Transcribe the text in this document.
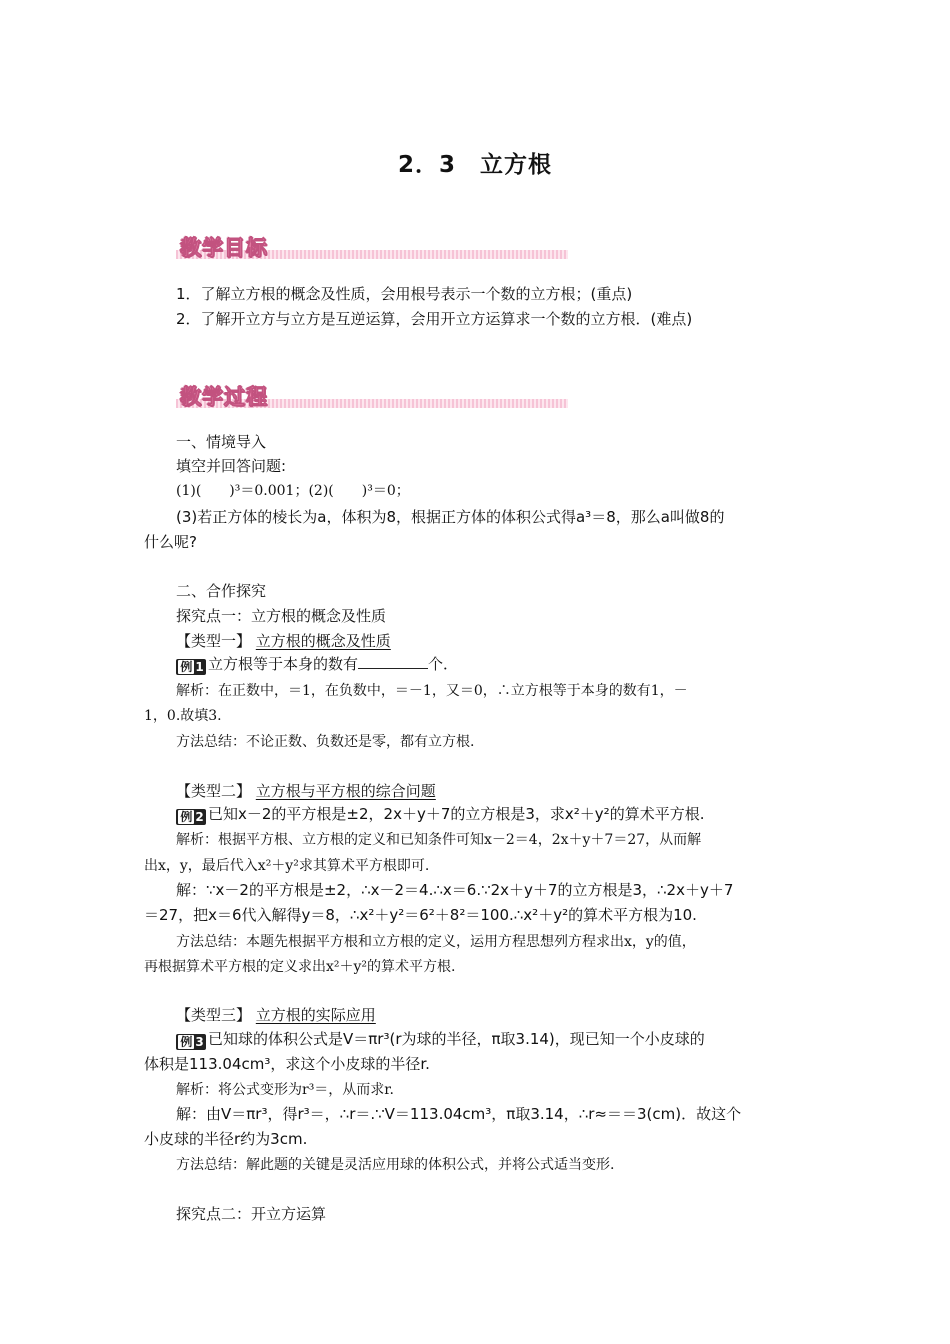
2．3　立方根
教学目标
1．了解立方根的概念及性质，会用根号表示一个数的立方根；(重点)
2．了解开立方与立方是互逆运算，会用开立方运算求一个数的立方根．(难点)
教学过程
一、情境导入
填空并回答问题:
(1)(　　)³＝0.001；(2)(　　)³＝0；
(3)若正方体的棱长为a，体积为8，根据正方体的体积公式得a³＝8，那么a叫做8的
什么呢?
二、合作探究
探究点一：立方根的概念及性质
【类型一】 立方根的概念及性质
例 1 立方根等于本身的数有	个．
解析：在正数中，＝1，在负数中，＝－1，又＝0，∴立方根等于本身的数有1，－
1，0.故填3.
方法总结：不论正数、负数还是零，都有立方根.
【类型二】 立方根与平方根的综合问题
例 2 已知x－2的平方根是±2，2x＋y＋7的立方根是3，求x²＋y²的算术平方根.
解析：根据平方根、立方根的定义和已知条件可知x－2＝4，2x＋y＋7＝27，从而解
出x，y，最后代入x²＋y²求其算术平方根即可.
解：∵x－2的平方根是±2，∴x－2＝4.∴x＝6.∵2x＋y＋7的立方根是3，∴2x＋y＋7
＝27，把x＝6代入解得y＝8，∴x²＋y²＝6²＋8²＝100.∴x²＋y²的算术平方根为10.
方法总结：本题先根据平方根和立方根的定义，运用方程思想列方程求出x，y的值，
再根据算术平方根的定义求出x²＋y²的算术平方根.
【类型三】 立方根的实际应用
例 3 已知球的体积公式是V＝πr³(r为球的半径，π取3.14)，现已知一个小皮球的
体积是113.04cm³，求这个小皮球的半径r.
解析：将公式变形为r³＝，从而求r.
解：由V＝πr³，得r³＝，∴r＝.∵V＝113.04cm³，π取3.14，∴r≈＝＝3(cm)．故这个
小皮球的半径r约为3cm.
方法总结：解此题的关键是灵活应用球的体积公式，并将公式适当变形.
探究点二：开立方运算
